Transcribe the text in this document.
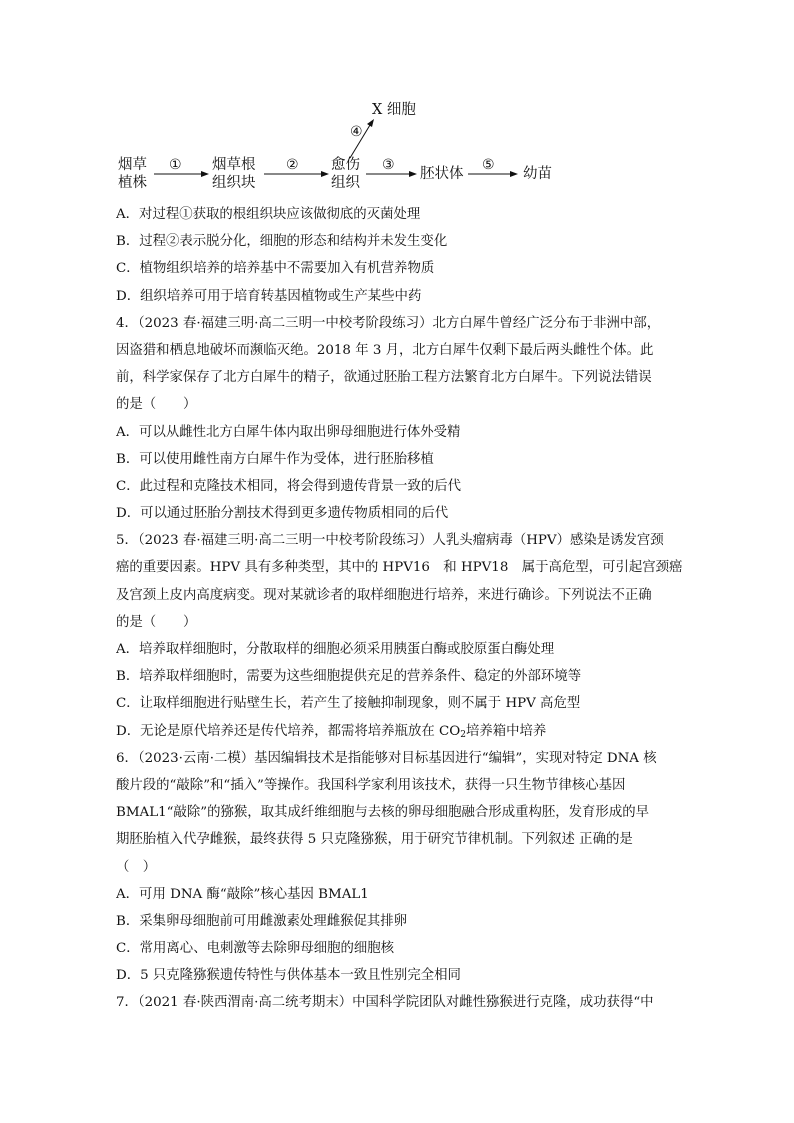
X 细胞
烟草
植株
烟草根
组织块
愈伤
组织
胚状体	幼苗
①	②	③
④
⑤
A．对过程①获取的根组织块应该做彻底的灭菌处理
B．过程②表示脱分化，细胞的形态和结构并未发生变化
C．植物组织培养的培养基中不需要加入有机营养物质
D．组织培养可用于培育转基因植物或生产某些中药
4．（2023 春·福建三明·高二三明一中校考阶段练习）北方白犀牛曾经广泛分布于非洲中部，
因盗猎和栖息地破坏而濒临灭绝。2018 年 3 月，北方白犀牛仅剩下最后两头雌性个体。此
前，科学家保存了北方白犀牛的精子，欲通过胚胎工程方法繁育北方白犀牛。下列说法错误
的是（　　）
A．可以从雌性北方白犀牛体内取出卵母细胞进行体外受精
B．可以使用雌性南方白犀牛作为受体，进行胚胎移植
C．此过程和克隆技术相同，将会得到遗传背景一致的后代
D．可以通过胚胎分割技术得到更多遗传物质相同的后代
5．（2023 春·福建三明·高二三明一中校考阶段练习）人乳头瘤病毒（HPV）感染是诱发宫颈
癌的重要因素。HPV 具有多种类型，其中的 HPV16　和 HPV18　属于高危型，可引起宫颈癌
及宫颈上皮内高度病变。现对某就诊者的取样细胞进行培养，来进行确诊。下列说法不正确
的是（　　）
A．培养取样细胞时，分散取样的细胞必须采用胰蛋白酶或胶原蛋白酶处理
B．培养取样细胞时，需要为这些细胞提供充足的营养条件、稳定的外部环境等
C．让取样细胞进行贴壁生长，若产生了接触抑制现象，则不属于 HPV 高危型
D．无论是原代培养还是传代培养，都需将培养瓶放在 $CO_2$培养箱中培养
6．（2023·云南·二模）基因编辑技术是指能够对目标基因进行“编辑”，实现对特定 DNA 核
酸片段的“敲除”和“插入”等操作。我国科学家利用该技术，获得一只生物节律核心基因
BMAL1“敲除”的猕猴，取其成纤维细胞与去核的卵母细胞融合形成重构胚，发育形成的早
期胚胎植入代孕雌猴，最终获得 5 只克隆猕猴，用于研究节律机制。下列叙述 正确的是
（　）
A．可用 DNA 酶“敲除”核心基因 BMAL1
B．采集卵母细胞前可用雌激素处理雌猴促其排卵
C．常用离心、电刺激等去除卵母细胞的细胞核
D．5 只克隆猕猴遗传特性与供体基本一致且性别完全相同
7．（2021 春·陕西渭南·高二统考期末）中国科学院团队对雌性猕猴进行克隆，成功获得“中
